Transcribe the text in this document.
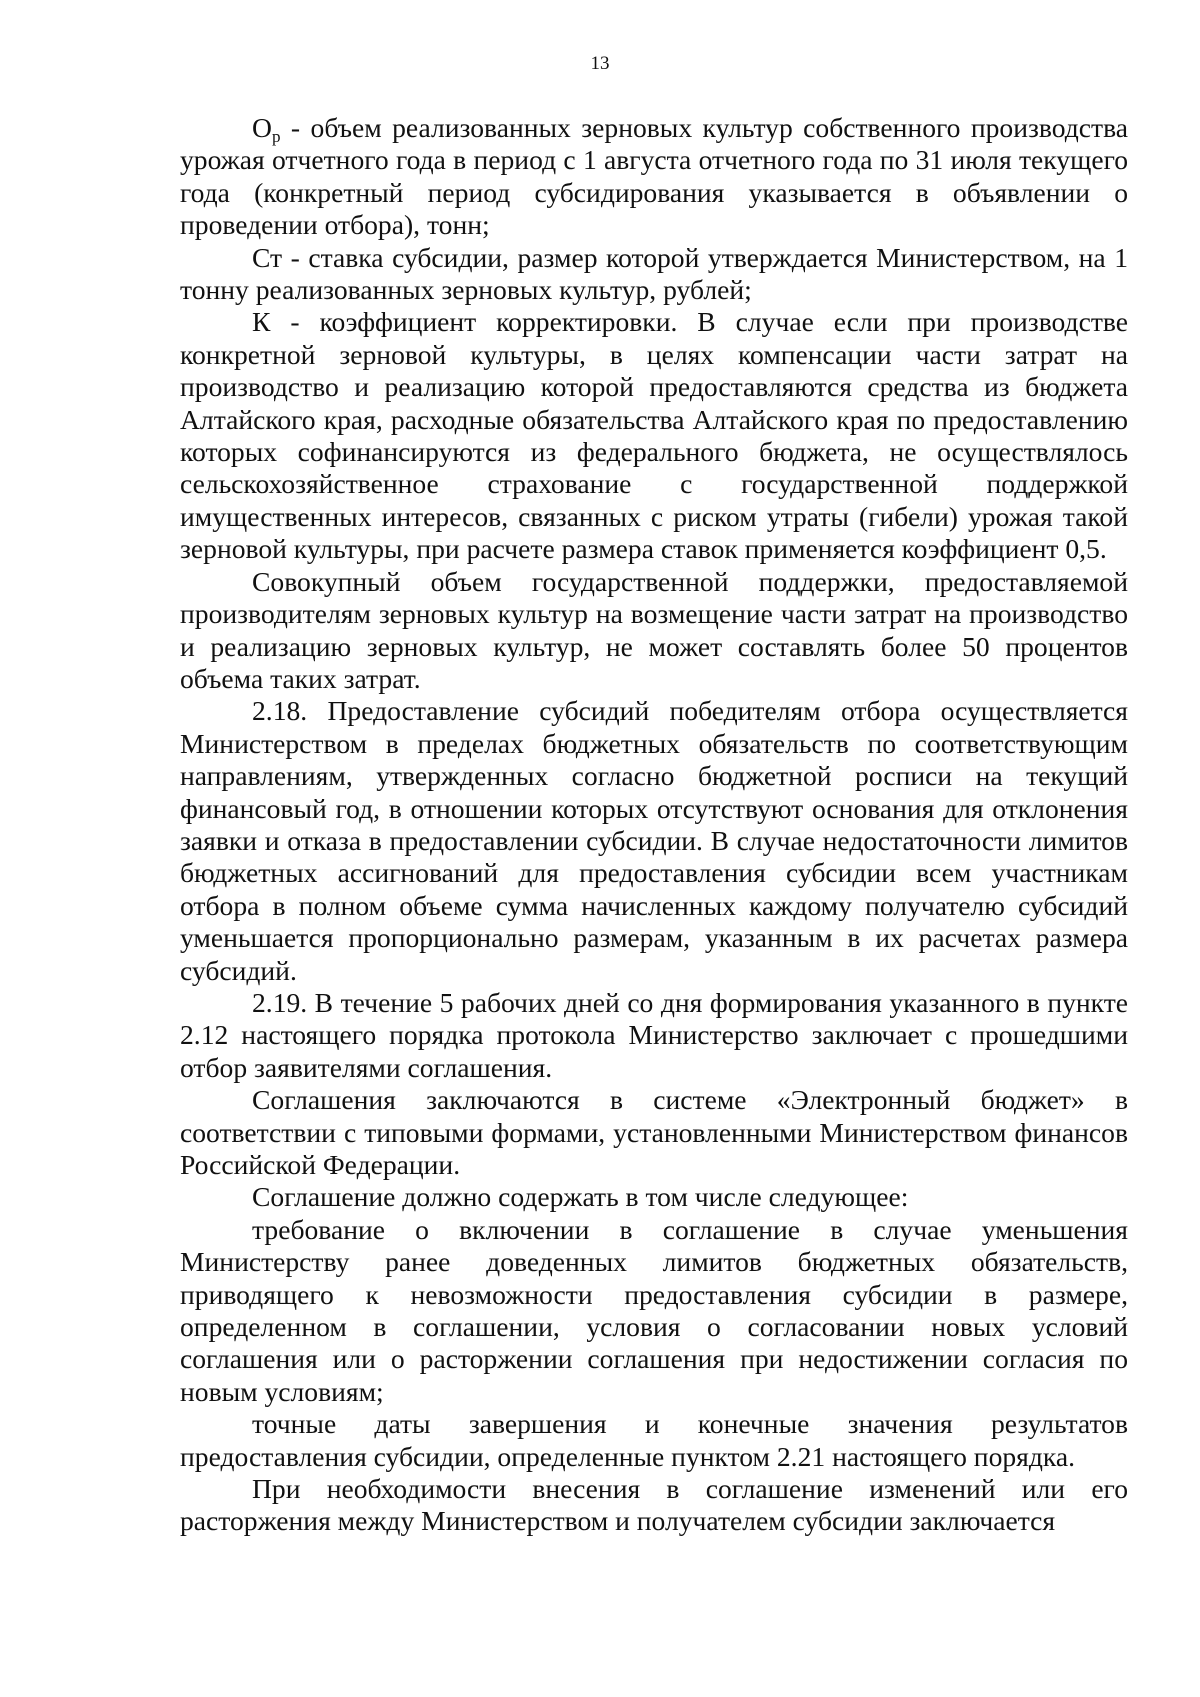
13

$О_р$ - объем реализованных зерновых культур собственного производства урожая отчетного года в период с 1 августа отчетного года по 31 июля текущего года (конкретный период субсидирования указывается в объявлении о проведении отбора), тонн;

Ст - ставка субсидии, размер которой утверждается Министерством, на 1 тонну реализованных зерновых культур, рублей;

К - коэффициент корректировки. В случае если при производстве конкретной зерновой культуры, в целях компенсации части затрат на производство и реализацию которой предоставляются средства из бюджета Алтайского края, расходные обязательства Алтайского края по предоставлению которых софинансируются из федерального бюджета, не осуществлялось сельскохозяйственное страхование с государственной поддержкой имущественных интересов, связанных с риском утраты (гибели) урожая такой зерновой культуры, при расчете размера ставок применяется коэффициент 0,5.

Совокупный объем государственной поддержки, предоставляемой производителям зерновых культур на возмещение части затрат на производство и реализацию зерновых культур, не может составлять более 50 процентов объема таких затрат.

2.18. Предоставление субсидий победителям отбора осуществляется Министерством в пределах бюджетных обязательств по соответствующим направлениям, утвержденных согласно бюджетной росписи на текущий финансовый год, в отношении которых отсутствуют основания для отклонения заявки и отказа в предоставлении субсидии. В случае недостаточности лимитов бюджетных ассигнований для предоставления субсидии всем участникам отбора в полном объеме сумма начисленных каждому получателю субсидий уменьшается пропорционально размерам, указанным в их расчетах размера субсидий.

2.19. В течение 5 рабочих дней со дня формирования указанного в пункте 2.12 настоящего порядка протокола Министерство заключает с прошедшими отбор заявителями соглашения.

Соглашения заключаются в системе «Электронный бюджет» в соответствии с типовыми формами, установленными Министерством финансов Российской Федерации.

Соглашение должно содержать в том числе следующее:

требование о включении в соглашение в случае уменьшения Министерству ранее доведенных лимитов бюджетных обязательств, приводящего к невозможности предоставления субсидии в размере, определенном в соглашении, условия о согласовании новых условий соглашения или о расторжении соглашения при недостижении согласия по новым условиям;

точные даты завершения и конечные значения результатов предоставления субсидии, определенные пунктом 2.21 настоящего порядка.

При необходимости внесения в соглашение изменений или его расторжения между Министерством и получателем субсидии заключается
